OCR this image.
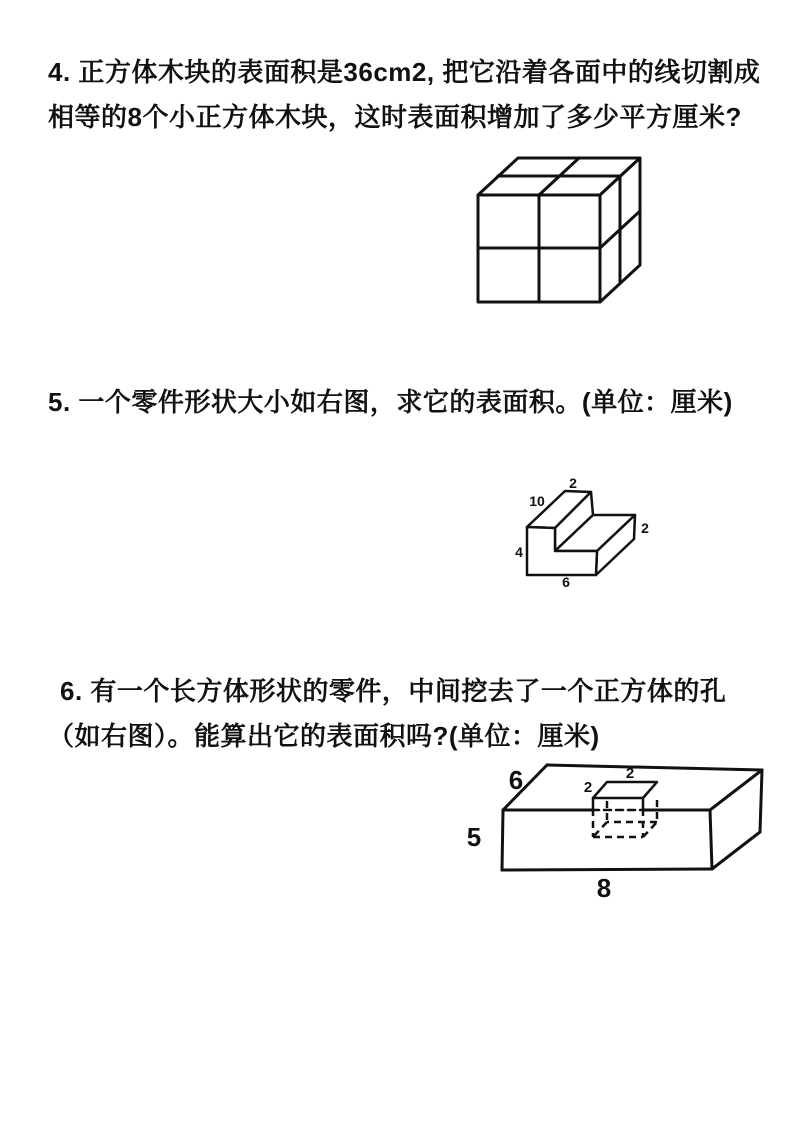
4. 正方体木块的表面积是36cm2, 把它沿着各面中的线切割成

相等的8个小正方体木块，这时表面积增加了多少平方厘米?

5. 一个零件形状大小如右图，求它的表面积。(单位：厘米)

2
10
2
4
6

6. 有一个长方体形状的零件，中间挖去了一个正方体的孔

（如右图）。能算出它的表面积吗?(单位：厘米)

2
2
6
5
8
